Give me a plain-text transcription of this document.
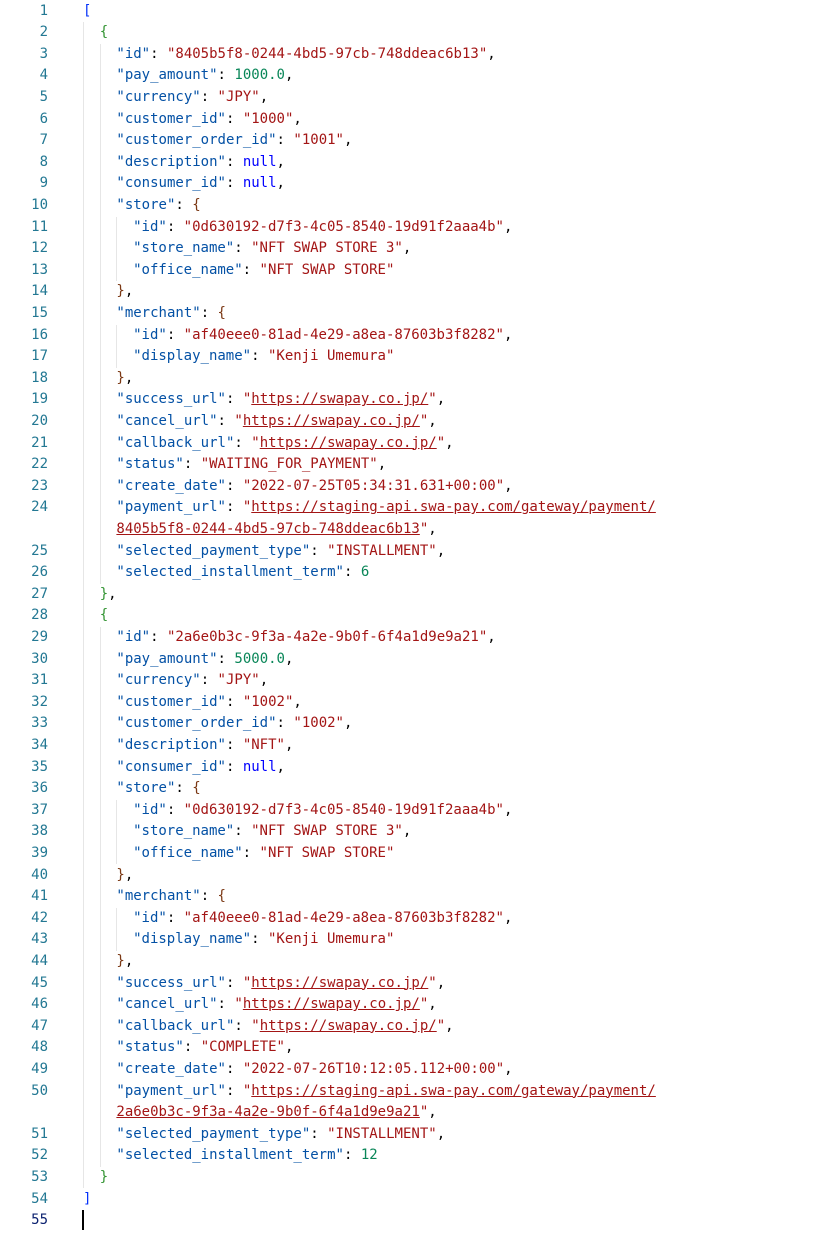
1	[
2	{
3	"id": "8405b5f8-0244-4bd5-97cb-748ddeac6b13",
4	"pay_amount": 1000.0,
5	"currency": "JPY",
6	"customer_id": "1000",
7	"customer_order_id": "1001",
8	"description": null,
9	"consumer_id": null,
10	"store": {
11	"id": "0d630192-d7f3-4c05-8540-19d91f2aaa4b",
12	"store_name": "NFT SWAP STORE 3",
13	"office_name": "NFT SWAP STORE"
14	},
15	"merchant": {
16	"id": "af40eee0-81ad-4e29-a8ea-87603b3f8282",
17	"display_name": "Kenji Umemura"
18	},
19	"success_url": "https://swapay.co.jp/",
20	"cancel_url": "https://swapay.co.jp/",
21	"callback_url": "https://swapay.co.jp/",
22	"status": "WAITING_FOR_PAYMENT",
23	"create_date": "2022-07-25T05:34:31.631+00:00",
24	"payment_url": "https://staging-api.swa-pay.com/gateway/payment/
8405b5f8-0244-4bd5-97cb-748ddeac6b13",
25	"selected_payment_type": "INSTALLMENT",
26	"selected_installment_term": 6
27	},
28	{
29	"id": "2a6e0b3c-9f3a-4a2e-9b0f-6f4a1d9e9a21",
30	"pay_amount": 5000.0,
31	"currency": "JPY",
32	"customer_id": "1002",
33	"customer_order_id": "1002",
34	"description": "NFT",
35	"consumer_id": null,
36	"store": {
37	"id": "0d630192-d7f3-4c05-8540-19d91f2aaa4b",
38	"store_name": "NFT SWAP STORE 3",
39	"office_name": "NFT SWAP STORE"
40	},
41	"merchant": {
42	"id": "af40eee0-81ad-4e29-a8ea-87603b3f8282",
43	"display_name": "Kenji Umemura"
44	},
45	"success_url": "https://swapay.co.jp/",
46	"cancel_url": "https://swapay.co.jp/",
47	"callback_url": "https://swapay.co.jp/",
48	"status": "COMPLETE",
49	"create_date": "2022-07-26T10:12:05.112+00:00",
50	"payment_url": "https://staging-api.swa-pay.com/gateway/payment/
2a6e0b3c-9f3a-4a2e-9b0f-6f4a1d9e9a21",
51	"selected_payment_type": "INSTALLMENT",
52	"selected_installment_term": 12
53	}
54	]
55
